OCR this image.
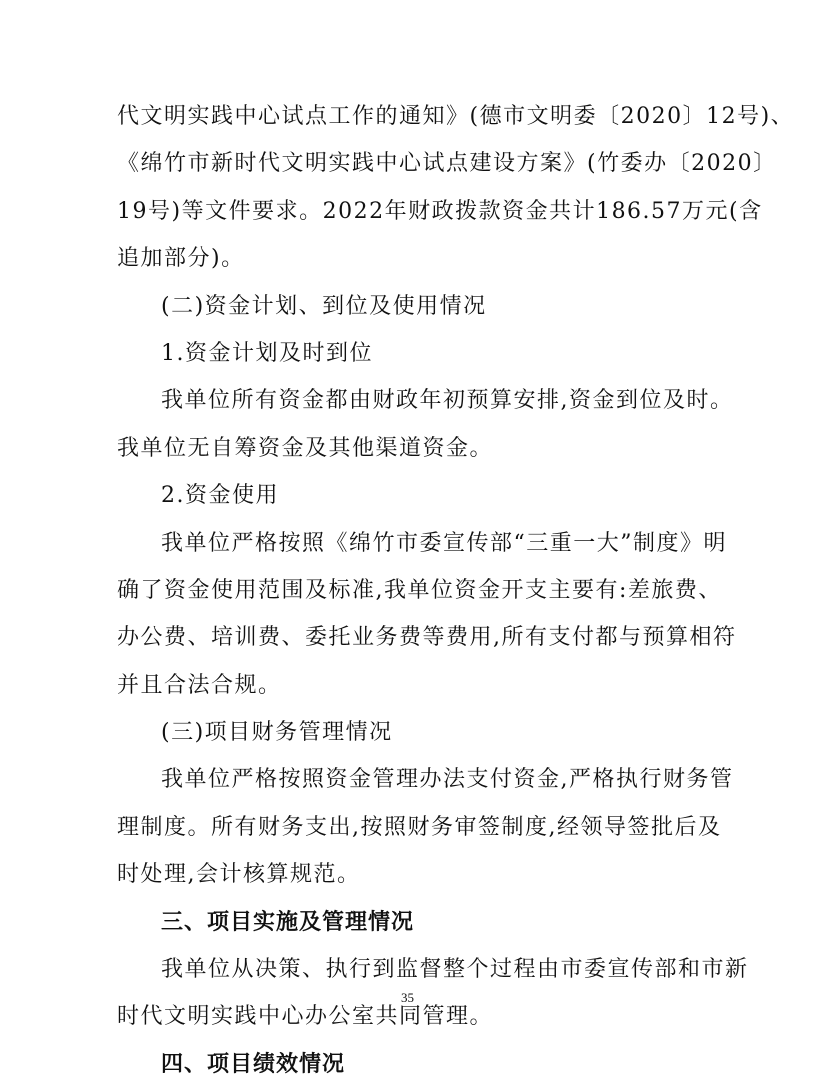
代文明实践中心试点工作的通知》(德市文明委〔2020〕12号)、
《绵竹市新时代文明实践中心试点建设方案》(竹委办〔2020〕
19号)等文件要求。2022年财政拨款资金共计186.57万元(含
追加部分)。
(二)资金计划、到位及使用情况
1.资金计划及时到位
我单位所有资金都由财政年初预算安排,资金到位及时。
我单位无自筹资金及其他渠道资金。
2.资金使用
我单位严格按照《绵竹市委宣传部“三重一大”制度》明
确了资金使用范围及标准,我单位资金开支主要有:差旅费、
办公费、培训费、委托业务费等费用,所有支付都与预算相符
并且合法合规。
(三)项目财务管理情况
我单位严格按照资金管理办法支付资金,严格执行财务管
理制度。所有财务支出,按照财务审签制度,经领导签批后及
时处理,会计核算规范。
三、项目实施及管理情况
我单位从决策、执行到监督整个过程由市委宣传部和市新
时代文明实践中心办公室共同管理。
四、项目绩效情况
35
